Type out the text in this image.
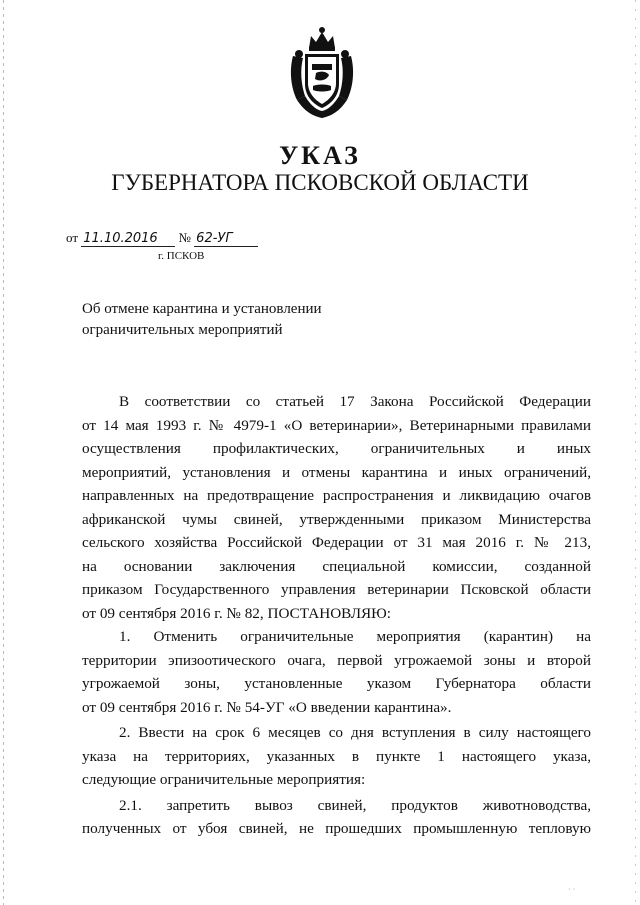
УКАЗ
ГУБЕРНАТОРА ПСКОВСКОЙ ОБЛАСТИ
от 11.10.2016 № 62-УГ
г. ПСКОВ
Об отмене карантина и установлении
ограничительных мероприятий
В соответствии со статьей 17 Закона Российской Федерации
от 14 мая 1993 г. № 4979-1 «О ветеринарии», Ветеринарными правилами
осуществления профилактических, ограничительных и иных
мероприятий, установления и отмены карантина и иных ограничений,
направленных на предотвращение распространения и ликвидацию очагов
африканской чумы свиней, утвержденными приказом Министерства
сельского хозяйства Российской Федерации от 31 мая 2016 г. № 213,
на основании заключения специальной комиссии, созданной
приказом Государственного управления ветеринарии Псковской области
от 09 сентября 2016 г. № 82, ПОСТАНОВЛЯЮ:
1. Отменить ограничительные мероприятия (карантин) на
территории эпизоотического очага, первой угрожаемой зоны и второй
угрожаемой зоны, установленные указом Губернатора области
от 09 сентября 2016 г. № 54-УГ «О введении карантина».
2. Ввести на срок 6 месяцев со дня вступления в силу настоящего
указа на территориях, указанных в пункте 1 настоящего указа,
следующие ограничительные мероприятия:
2.1. запретить вывоз свиней, продуктов животноводства,
полученных от убоя свиней, не прошедших промышленную тепловую
· ·
